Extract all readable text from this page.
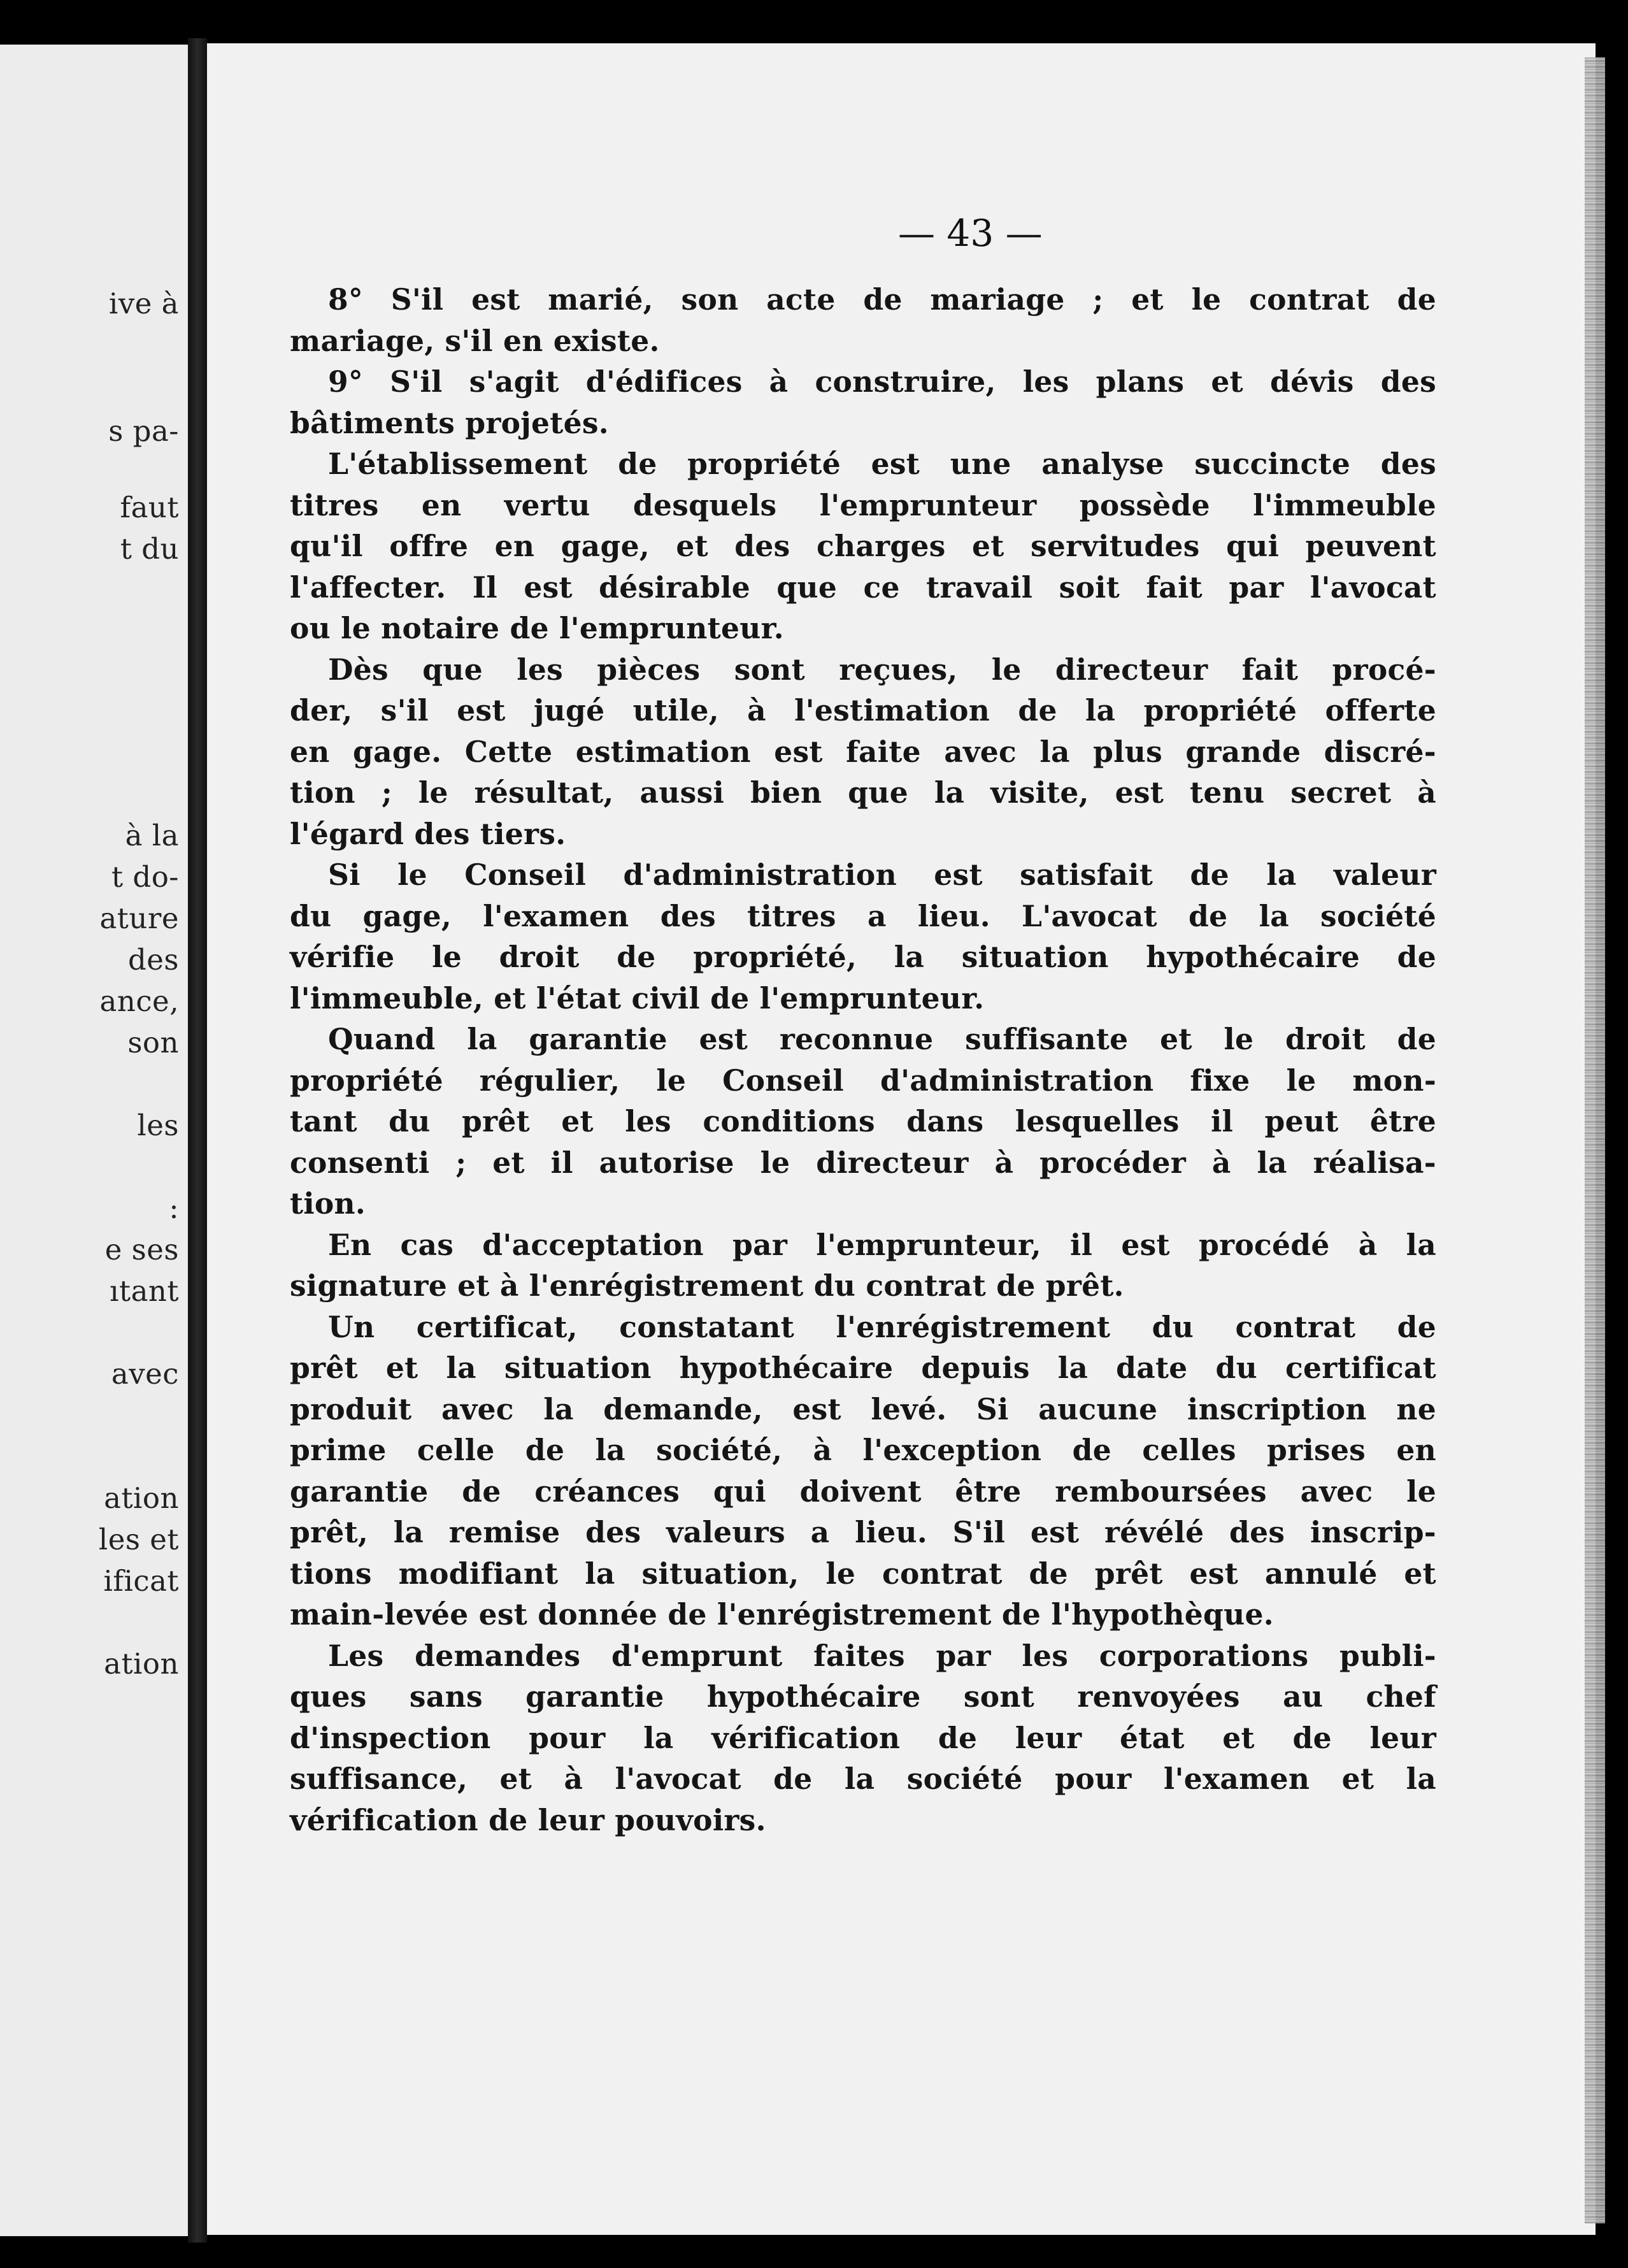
ive à
s pa-
faut
t du
à la
t do-
ature
des
ance,
son
les
:
e ses
ıtant
avec
ation
les et
ificat
ation
— 43 —
8° S'il est marié, son acte de mariage ; et le contrat de
mariage, s'il en existe.
9° S'il s'agit d'édifices à construire, les plans et dévis des
bâtiments projetés.
L'établissement de propriété est une analyse succincte des
titres en vertu desquels l'emprunteur possède l'immeuble
qu'il offre en gage, et des charges et servitudes qui peuvent
l'affecter. Il est désirable que ce travail soit fait par l'avocat
ou le notaire de l'emprunteur.
Dès que les pièces sont reçues, le directeur fait procé-
der, s'il est jugé utile, à l'estimation de la propriété offerte
en gage. Cette estimation est faite avec la plus grande discré-
tion ; le résultat, aussi bien que la visite, est tenu secret à
l'égard des tiers.
Si le Conseil d'administration est satisfait de la valeur
du gage, l'examen des titres a lieu. L'avocat de la société
vérifie le droit de propriété, la situation hypothécaire de
l'immeuble, et l'état civil de l'emprunteur.
Quand la garantie est reconnue suffisante et le droit de
propriété régulier, le Conseil d'administration fixe le mon-
tant du prêt et les conditions dans lesquelles il peut être
consenti ; et il autorise le directeur à procéder à la réalisa-
tion.
En cas d'acceptation par l'emprunteur, il est procédé à la
signature et à l'enrégistrement du contrat de prêt.
Un certificat, constatant l'enrégistrement du contrat de
prêt et la situation hypothécaire depuis la date du certificat
produit avec la demande, est levé. Si aucune inscription ne
prime celle de la société, à l'exception de celles prises en
garantie de créances qui doivent être remboursées avec le
prêt, la remise des valeurs a lieu. S'il est révélé des inscrip-
tions modifiant la situation, le contrat de prêt est annulé et
main-levée est donnée de l'enrégistrement de l'hypothèque.
Les demandes d'emprunt faites par les corporations publi-
ques sans garantie hypothécaire sont renvoyées au chef
d'inspection pour la vérification de leur état et de leur
suffisance, et à l'avocat de la société pour l'examen et la
vérification de leur pouvoirs.
